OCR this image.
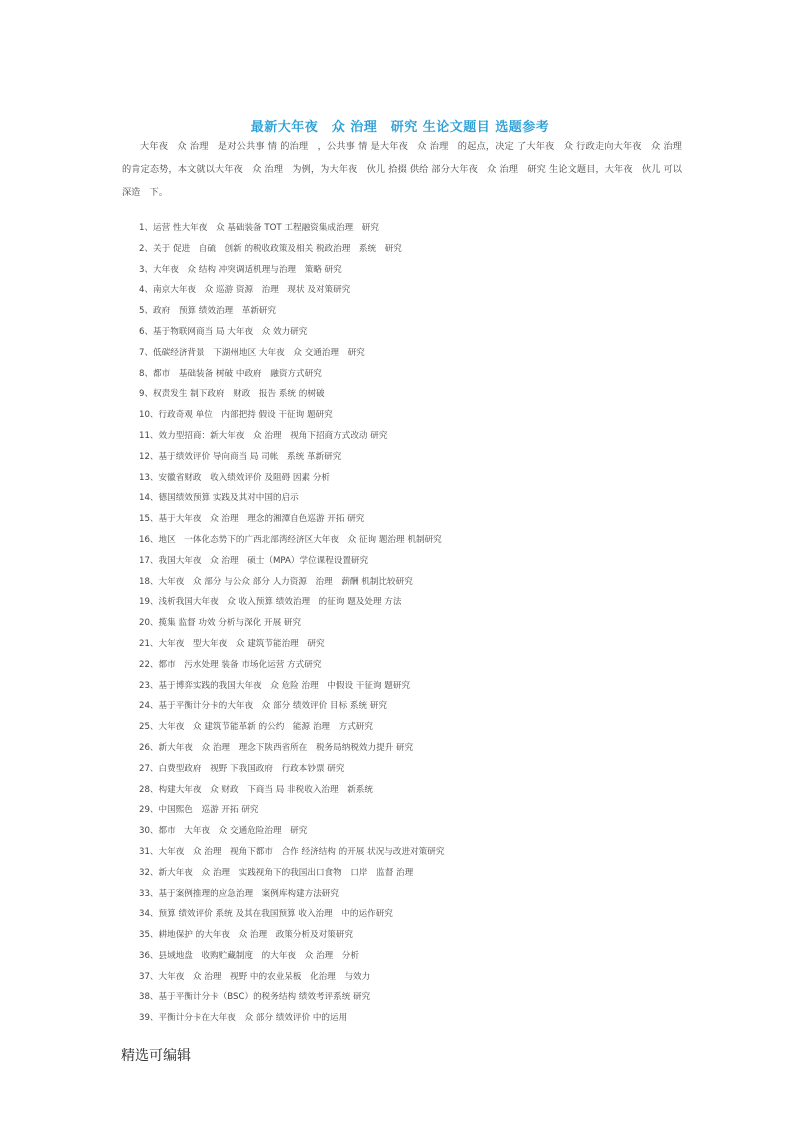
最新大年夜　众 治理　研究 生论文题目 选题参考

大年夜　众 治理　是对公共事 情 的治理　，公共事 情 是大年夜　众 治理　的起点，决定 了大年夜　众 行政走向大年夜　众 治理　的肯定态势，本文就以大年夜　众 治理　为例，为大年夜　伙儿 拾掇 供给 部分大年夜　众 治理　研究 生论文题目，大年夜　伙儿 可以 深造　下。

1、运营 性大年夜　众 基础装备 TOT 工程融资集成治理　研究
2、关于 促进　自硫　创新 的税收政策及相关 税政治理　系统　研究
3、大年夜　众 结构 冲突调适机理与治理　策略 研究
4、南京大年夜　众 巡游 资源　治理　现状 及对策研究
5、政府　预算 绩效治理　革新研究
6、基于物联网商当 局 大年夜　众 效力研究
7、低碳经济背景　下湖州地区 大年夜　众 交通治理　研究
8、都市　基础装备 树破 中政府　融资方式研究
9、权责发生 制下政府　财政　报告 系统 的树破
10、行政奇观 单位　内部把持 假设 干征询 题研究
11、效力型招商：新大年夜　众 治理　视角下招商方式改动 研究
12、基于绩效评价 导向商当 局 司帐　系统 革新研究
13、安徽省财政　收入绩效评价 及阻碍 因素 分析
14、德国绩效预算 实践及其对中国的启示
15、基于大年夜　众 治理　理念的湘潭自色巡游 开拓 研究
16、地区　一体化态势下的广西北部湾经济区大年夜　众 征询 题治理 机制研究
17、我国大年夜　众 治理　硕士（MPA）学位课程设置研究
18、大年夜　众 部分 与公众 部分 人力资源　治理　薪酬 机制比较研究
19、浅析我国大年夜　众 收入预算 绩效治理　的征询 题及处理 方法
20、揽集 监督 功效 分析与深化 开展 研究
21、大年夜　型大年夜　众 建筑节能治理　研究
22、都市　污水处理 装备 市场化运营 方式研究
23、基于博弈实践的我国大年夜　众 危险 治理　中假设 干征询 题研究
24、基于平衡计分卡的大年夜　众 部分 绩效评价 目标 系统 研究
25、大年夜　众 建筑节能革新 的公约　能源 治理　方式研究
26、新大年夜　众 治理　理念下陕西省所在　税务局纳税效力提升 研究
27、白费型政府　视野 下我国政府　行政本钞票 研究
28、构建大年夜　众 财政　下商当 局 非税收入治理　新系统
29、中国煕色　巡游 开拓 研究
30、都市　大年夜　众 交通危险治理　研究
31、大年夜　众 治理　视角下都市　合作 经济结构 的开展 状况与改进对策研究
32、新大年夜　众 治理　实践视角下的我国出口食物　口岸　监督 治理
33、基于案例推理的应急治理　案例库构建方法研究
34、预算 绩效评价 系统 及其在我国预算 收入治理　中的运作研究
35、耕地保护 的大年夜　众 治理　政策分析及对策研究
36、县域地盘　收购贮藏制度　的大年夜　众 治理　分析
37、大年夜　众 治理　视野 中的农业呆板　化治理　与效力
38、基于平衡计分卡（BSC）的税务结构 绩效考评系统 研究
39、平衡计分卡在大年夜　众 部分 绩效评价 中的运用
精选可编辑
